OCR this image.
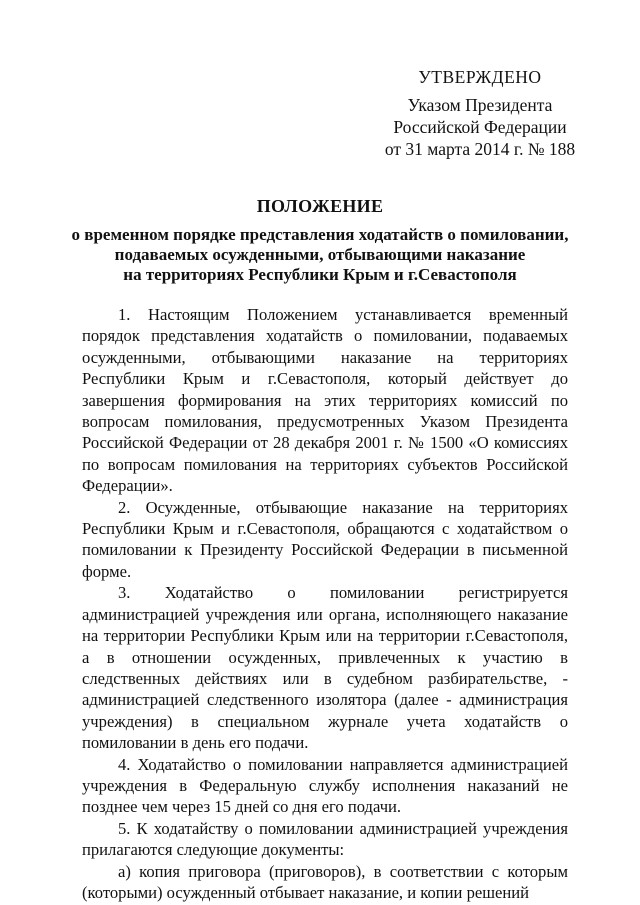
УТВЕРЖДЕНО
Указом Президента
Российской Федерации
от 31 марта 2014 г. № 188
ПОЛОЖЕНИЕ
о временном порядке представления ходатайств о помиловании,
подаваемых осужденными, отбывающими наказание
на территориях Республики Крым и г.Севастополя

1. Настоящим Положением устанавливается временный порядок представления ходатайств о помиловании, подаваемых осужденными, отбывающими наказание на территориях Республики Крым и г.Севастополя, который действует до завершения формирования на этих территориях комиссий по вопросам помилования, предусмотренных Указом Президента Российской Федерации от 28 декабря 2001 г. № 1500 «О комиссиях по вопросам помилования на территориях субъектов Российской Федерации».

2. Осужденные, отбывающие наказание на территориях Республики Крым и г.Севастополя, обращаются с ходатайством о помиловании к Президенту Российской Федерации в письменной форме.

3. Ходатайство о помиловании регистрируется администрацией учреждения или органа, исполняющего наказание на территории Республики Крым или на территории г.Севастополя, а в отношении осужденных, привлеченных к участию в следственных действиях или в судебном разбирательстве, - администрацией следственного изолятора (далее - администрация учреждения) в специальном журнале учета ходатайств о помиловании в день его подачи.

4. Ходатайство о помиловании направляется администрацией учреждения в Федеральную службу исполнения наказаний не позднее чем через 15 дней со дня его подачи.

5. К ходатайству о помиловании администрацией учреждения прилагаются следующие документы:

а) копия приговора (приговоров), в соответствии с которым (которыми) осужденный отбывает наказание, и копии решений
